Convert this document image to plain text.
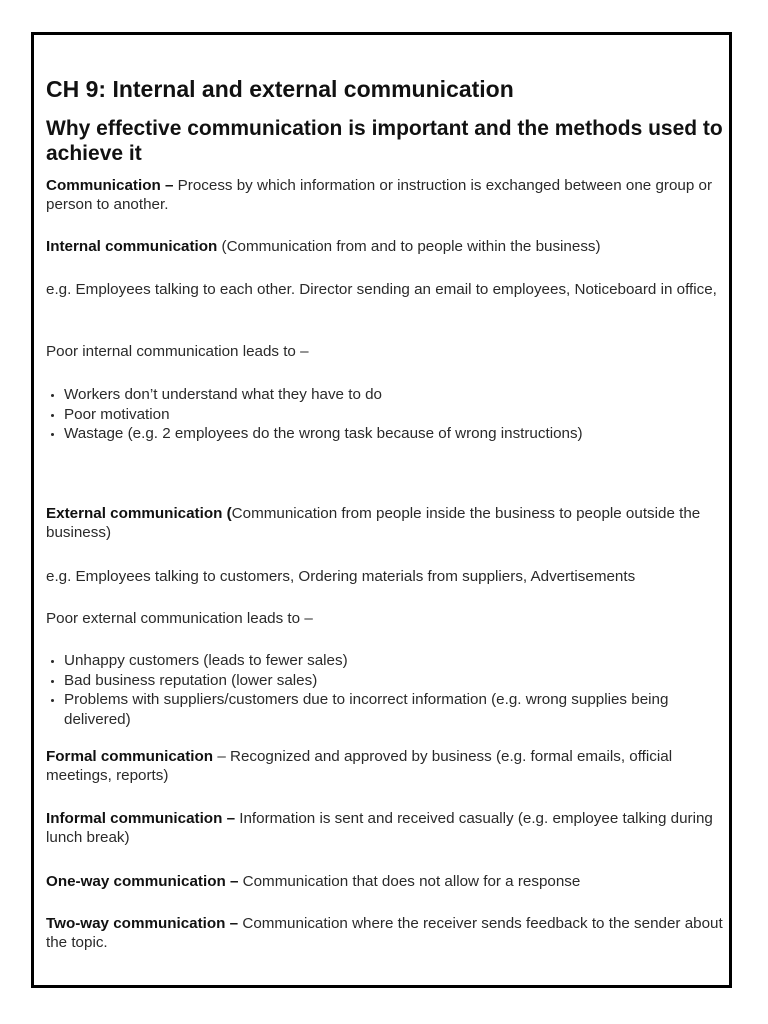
CH 9: Internal and external communication
Why effective communication is important and the methods used to achieve it
Communication – Process by which information or instruction is exchanged between one group or person to another.
Internal communication (Communication from and to people within the business)
e.g. Employees talking to each other. Director sending an email to employees, Noticeboard in office,
Poor internal communication leads to –
• Workers don’t understand what they have to do
• Poor motivation
• Wastage (e.g. 2 employees do the wrong task because of wrong instructions)
External communication (Communication from people inside the business to people outside the business)
e.g. Employees talking to customers, Ordering materials from suppliers, Advertisements
Poor external communication leads to –
• Unhappy customers (leads to fewer sales)
• Bad business reputation (lower sales)
• Problems with suppliers/customers due to incorrect information (e.g. wrong supplies being delivered)
Formal communication – Recognized and approved by business (e.g. formal emails, official meetings, reports)
Informal communication – Information is sent and received casually (e.g. employee talking during lunch break)
One-way communication – Communication that does not allow for a response
Two-way communication – Communication where the receiver sends feedback to the sender about the topic.
